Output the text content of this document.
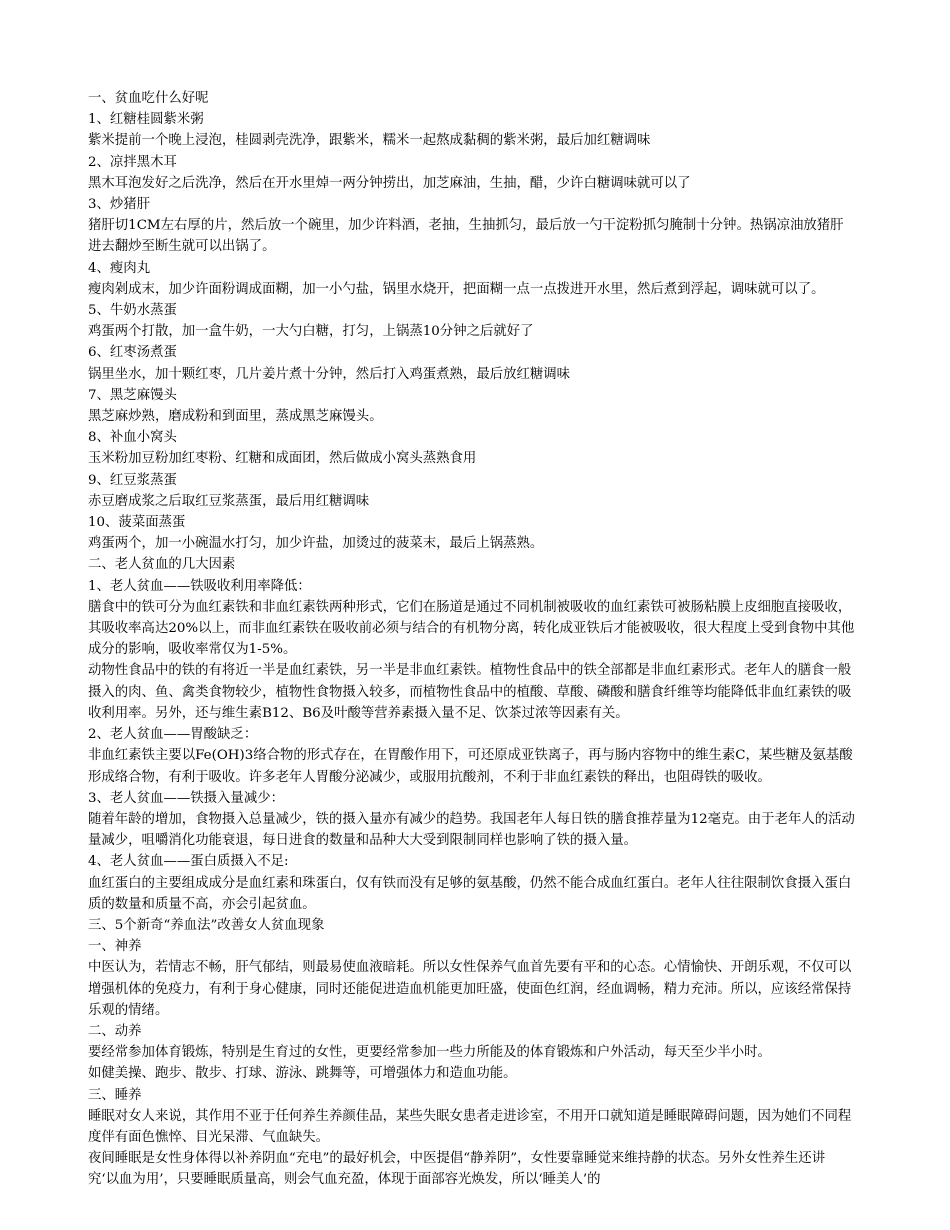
一、贫血吃什么好呢

1、红糖桂圆紫米粥

紫米提前一个晚上浸泡，桂圆剥壳洗净，跟紫米，糯米一起熬成黏稠的紫米粥，最后加红糖调味

2、凉拌黑木耳

黑木耳泡发好之后洗净，然后在开水里焯一两分钟捞出，加芝麻油，生抽，醋，少许白糖调味就可以了

3、炒猪肝

猪肝切1CM左右厚的片，然后放一个碗里，加少许料酒，老抽，生抽抓匀，最后放一勺干淀粉抓匀腌制十分钟。热锅凉油放猪肝进去翻炒至断生就可以出锅了。

4、瘦肉丸

瘦肉剁成末，加少许面粉调成面糊，加一小勺盐，锅里水烧开，把面糊一点一点拨进开水里，然后煮到浮起，调味就可以了。

5、牛奶水蒸蛋

鸡蛋两个打散，加一盒牛奶，一大勺白糖，打匀，上锅蒸10分钟之后就好了

6、红枣汤煮蛋

锅里坐水，加十颗红枣，几片姜片煮十分钟，然后打入鸡蛋煮熟，最后放红糖调味

7、黑芝麻馒头

黑芝麻炒熟，磨成粉和到面里，蒸成黑芝麻馒头。

8、补血小窝头

玉米粉加豆粉加红枣粉、红糖和成面团，然后做成小窝头蒸熟食用

9、红豆浆蒸蛋

赤豆磨成浆之后取红豆浆蒸蛋，最后用红糖调味

10、菠菜面蒸蛋

鸡蛋两个，加一小碗温水打匀，加少许盐，加烫过的菠菜末，最后上锅蒸熟。

二、老人贫血的几大因素

1、老人贫血——铁吸收利用率降低：

膳食中的铁可分为血红素铁和非血红素铁两种形式，它们在肠道是通过不同机制被吸收的血红素铁可被肠粘膜上皮细胞直接吸收，其吸收率高达20%以上，而非血红素铁在吸收前必须与结合的有机物分离，转化成亚铁后才能被吸收，很大程度上受到食物中其他成分的影响，吸收率常仅为1-5%。

动物性食品中的铁的有将近一半是血红素铁，另一半是非血红素铁。植物性食品中的铁全部都是非血红素形式。老年人的膳食一般摄入的肉、鱼、禽类食物较少，植物性食物摄入较多，而植物性食品中的植酸、草酸、磷酸和膳食纤维等均能降低非血红素铁的吸收利用率。另外，还与维生素B12、B6及叶酸等营养素摄入量不足、饮茶过浓等因素有关。

2、老人贫血——胃酸缺乏：

非血红素铁主要以Fe(OH)3络合物的形式存在，在胃酸作用下，可还原成亚铁离子，再与肠内容物中的维生素C，某些糖及氨基酸形成络合物，有利于吸收。许多老年人胃酸分泌减少，或服用抗酸剂，不利于非血红素铁的释出，也阻碍铁的吸收。

3、老人贫血——铁摄入量减少：

随着年龄的增加，食物摄入总量减少，铁的摄入量亦有减少的趋势。我国老年人每日铁的膳食推荐量为12毫克。由于老年人的活动量减少，咀嚼消化功能衰退，每日进食的数量和品种大大受到限制同样也影响了铁的摄入量。

4、老人贫血——蛋白质摄入不足:

血红蛋白的主要组成成分是血红素和珠蛋白，仅有铁而没有足够的氨基酸，仍然不能合成血红蛋白。老年人往往限制饮食摄入蛋白质的数量和质量不高，亦会引起贫血。

三、5个新奇“养血法”改善女人贫血现象

一、神养

中医认为，若情志不畅，肝气郁结，则最易使血液暗耗。所以女性保养气血首先要有平和的心态。心情愉快、开朗乐观，不仅可以增强机体的免疫力，有利于身心健康，同时还能促进造血机能更加旺盛，使面色红润，经血调畅，精力充沛。所以，应该经常保持乐观的情绪。

二、动养

要经常参加体育锻炼，特别是生育过的女性，更要经常参加一些力所能及的体育锻炼和户外活动，每天至少半小时。

如健美操、跑步、散步、打球、游泳、跳舞等，可增强体力和造血功能。

三、睡养

睡眠对女人来说，其作用不亚于任何养生养颜佳品，某些失眠女患者走进诊室，不用开口就知道是睡眠障碍问题，因为她们不同程度伴有面色憔悴、目光呆滞、气血缺失。

夜间睡眠是女性身体得以补养阴血“充电”的最好机会，中医提倡“静养阴”，女性要靠睡觉来维持静的状态。另外女性养生还讲究‘以血为用’，只要睡眠质量高，则会气血充盈，体现于面部容光焕发，所以‘睡美人’的
